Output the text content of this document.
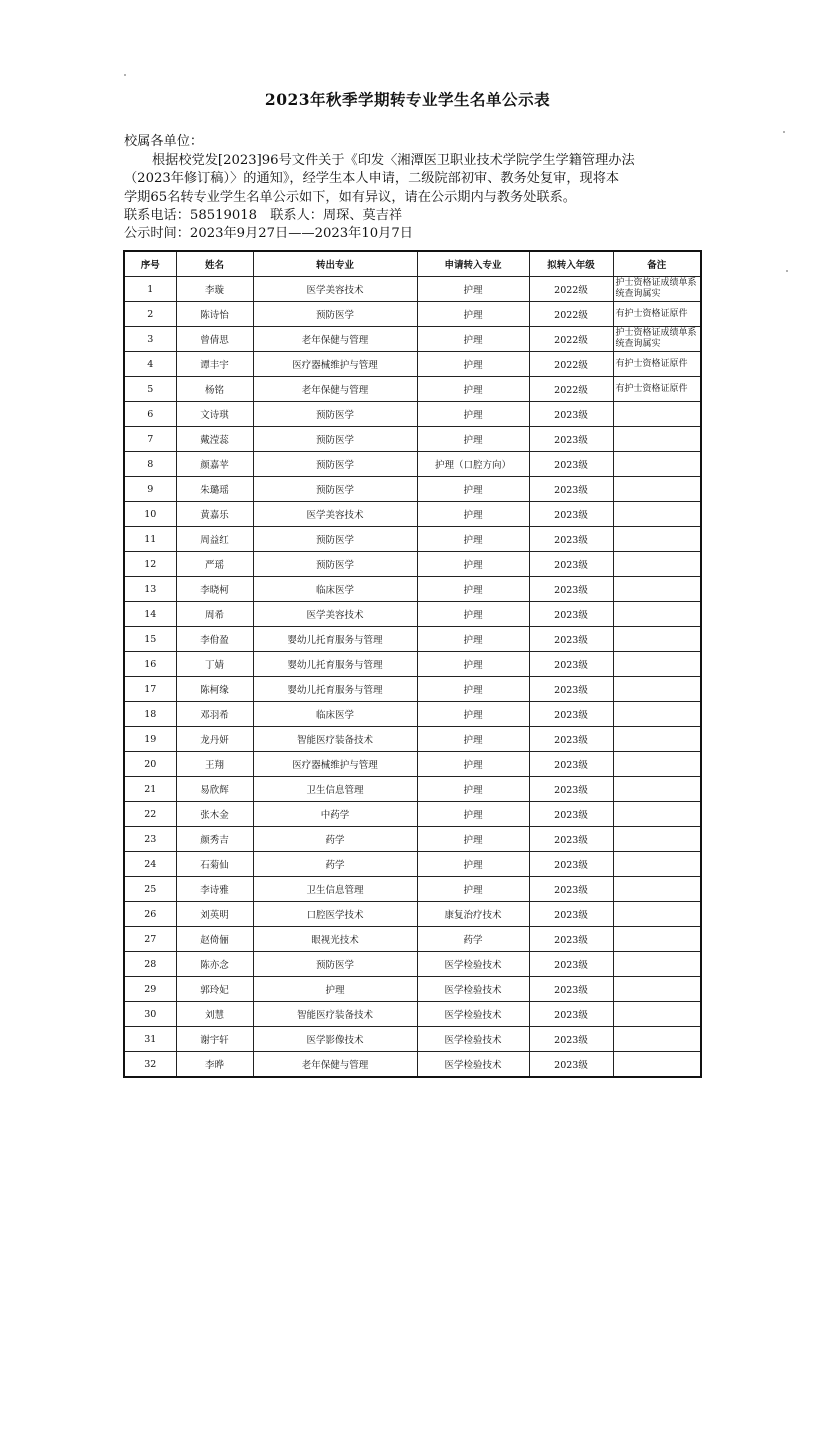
2023年秋季学期转专业学生名单公示表
校属各单位：
根据校党发[2023]96号文件关于《印发〈湘潭医卫职业技术学院学生学籍管理办法
（2023年修订稿）〉的通知》，经学生本人申请，二级院部初审、教务处复审，现将本
学期65名转专业学生名单公示如下，如有异议，请在公示期内与教务处联系。
联系电话：58519018　联系人：周琛、莫吉祥
公示时间：2023年9月27日——2023年10月7日
序号	姓名	转出专业	申请转入专业	拟转入年级	备注
1	李璇	医学美容技术	护理	2022级	护士资格证成绩单系统查询属实
2	陈诗怡	预防医学	护理	2022级	有护士资格证原件
3	曾倩思	老年保健与管理	护理	2022级	护士资格证成绩单系统查询属实
4	谭丰宇	医疗器械维护与管理	护理	2022级	有护士资格证原件
5	杨铭	老年保健与管理	护理	2022级	有护士资格证原件
6	文诗琪	预防医学	护理	2023级	
7	戴滢蕊	预防医学	护理	2023级	
8	颜嘉苹	预防医学	护理（口腔方向）	2023级	
9	朱璐瑶	预防医学	护理	2023级	
10	黄嘉乐	医学美容技术	护理	2023级	
11	周益红	预防医学	护理	2023级	
12	严瑶	预防医学	护理	2023级	
13	李晓柯	临床医学	护理	2023级	
14	周希	医学美容技术	护理	2023级	
15	李佾盈	婴幼儿托育服务与管理	护理	2023级	
16	丁婧	婴幼儿托育服务与管理	护理	2023级	
17	陈柯缘	婴幼儿托育服务与管理	护理	2023级	
18	邓羽希	临床医学	护理	2023级	
19	龙丹妍	智能医疗装备技术	护理	2023级	
20	王翔	医疗器械维护与管理	护理	2023级	
21	易欣辉	卫生信息管理	护理	2023级	
22	张木金	中药学	护理	2023级	
23	颜秀吉	药学	护理	2023级	
24	石菊仙	药学	护理	2023级	
25	李诗雅	卫生信息管理	护理	2023级	
26	刘英明	口腔医学技术	康复治疗技术	2023级	
27	赵倚俪	眼视光技术	药学	2023级	
28	陈亦念	预防医学	医学检验技术	2023级	
29	郭玲妃	护理	医学检验技术	2023级	
30	刘慧	智能医疗装备技术	医学检验技术	2023级	
31	谢宇轩	医学影像技术	医学检验技术	2023级	
32	李晔	老年保健与管理	医学检验技术	2023级	
